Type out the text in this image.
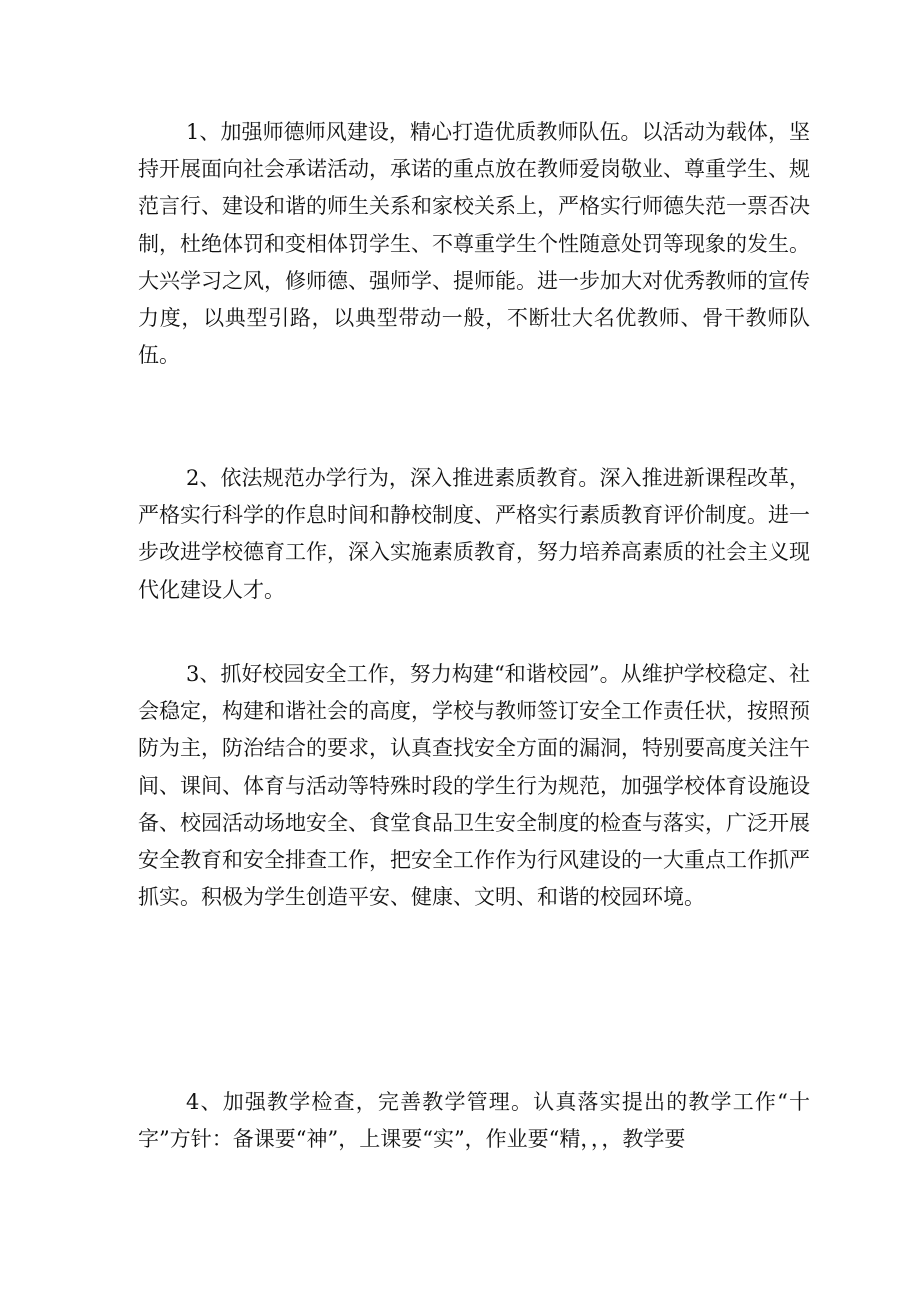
1、加强师德师风建设，精心打造优质教师队伍。以活动为载体，坚持开展面向社会承诺活动，承诺的重点放在教师爱岗敬业、尊重学生、规范言行、建设和谐的师生关系和家校关系上，严格实行师德失范一票否决制，杜绝体罚和变相体罚学生、不尊重学生个性随意处罚等现象的发生。大兴学习之风，修师德、强师学、提师能。进一步加大对优秀教师的宣传力度，以典型引路，以典型带动一般，不断壮大名优教师、骨干教师队伍。

2、依法规范办学行为，深入推进素质教育。深入推进新课程改革，严格实行科学的作息时间和静校制度、严格实行素质教育评价制度。进一步改进学校德育工作，深入实施素质教育，努力培养高素质的社会主义现代化建设人才。

3、抓好校园安全工作，努力构建“和谐校园”。从维护学校稳定、社会稳定，构建和谐社会的高度，学校与教师签订安全工作责任状，按照预防为主，防治结合的要求，认真查找安全方面的漏洞，特别要高度关注午间、课间、体育与活动等特殊时段的学生行为规范，加强学校体育设施设备、校园活动场地安全、食堂食品卫生安全制度的检查与落实，广泛开展安全教育和安全排查工作，把安全工作作为行风建设的一大重点工作抓严抓实。积极为学生创造平安、健康、文明、和谐的校园环境。

4、加强教学检查，完善教学管理。认真落实提出的教学工作“十字”方针：备课要“神”，上课要“实”，作业要“精，，，教学要
